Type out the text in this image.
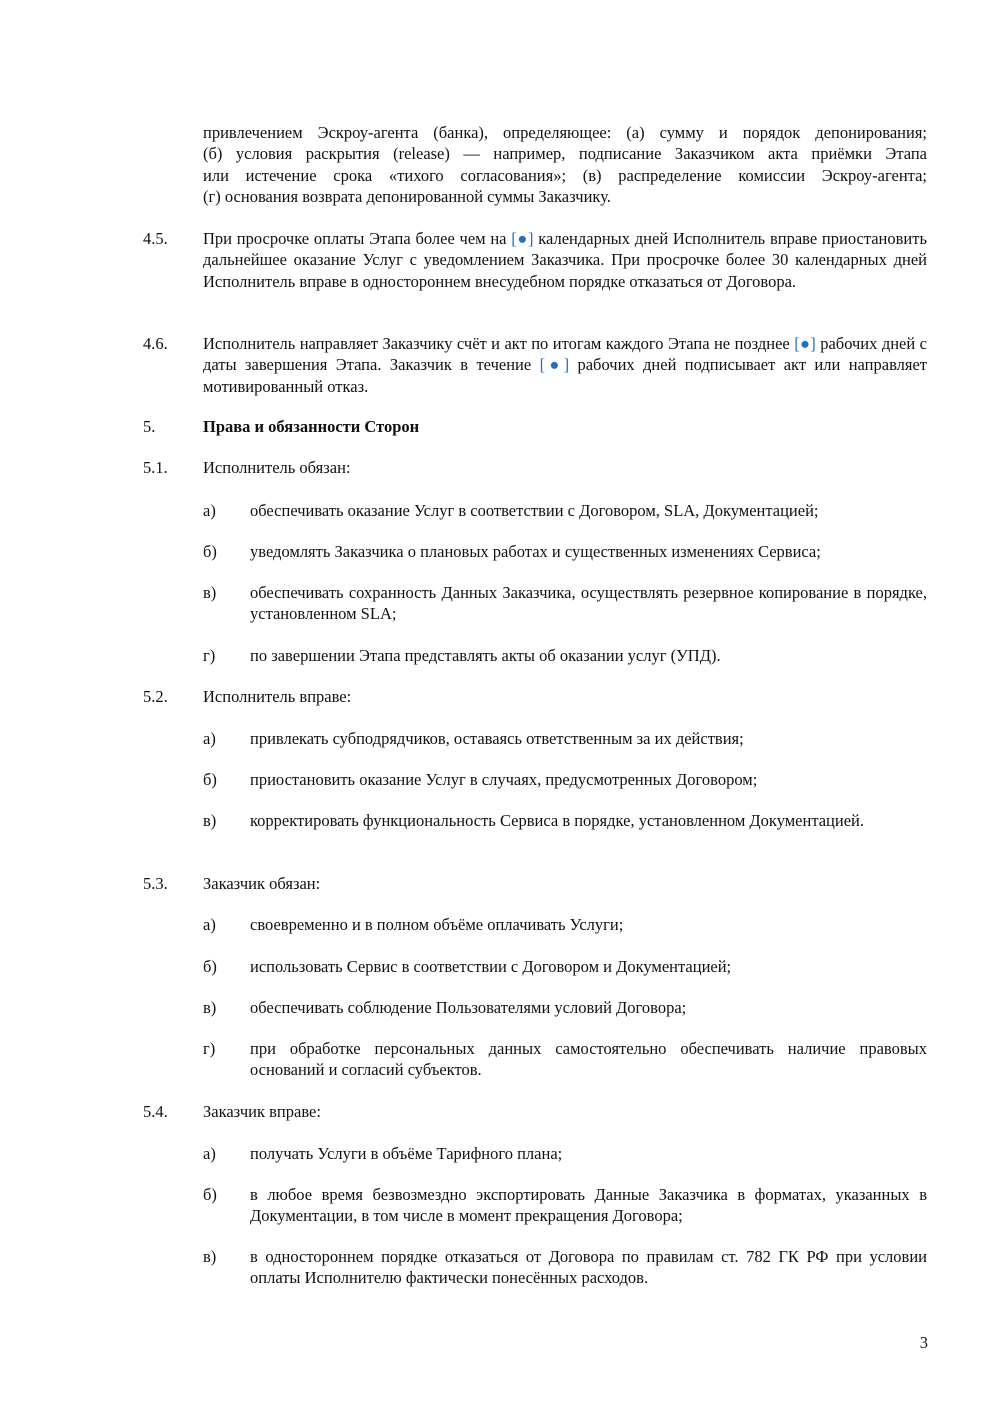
привлечением Эскроу-агента (банка), определяющее: (а) сумму и порядок депонирования;
(б) условия раскрытия (release) — например, подписание Заказчиком акта приёмки Этапа
или истечение срока «тихого согласования»; (в) распределение комиссии Эскроу-агента;
(г) основания возврата депонированной суммы Заказчику.
4.5. При просрочке оплаты Этапа более чем на [●] календарных дней Исполнитель вправе приостановить дальнейшее оказание Услуг с уведомлением Заказчика. При просрочке более 30 календарных дней Исполнитель вправе в одностороннем внесудебном порядке отказаться от Договора.
4.6. Исполнитель направляет Заказчику счёт и акт по итогам каждого Этапа не позднее [●] рабочих дней с даты завершения Этапа. Заказчик в течение [●] рабочих дней подписывает акт или направляет мотивированный отказ.
5.	Права и обязанности Сторон
5.1. Исполнитель обязан:
а) обеспечивать оказание Услуг в соответствии с Договором, SLA, Документацией;
б) уведомлять Заказчика о плановых работах и существенных изменениях Сервиса;
в) обеспечивать сохранность Данных Заказчика, осуществлять резервное копирование в порядке, установленном SLA;
г) по завершении Этапа представлять акты об оказании услуг (УПД).
5.2. Исполнитель вправе:
а) привлекать субподрядчиков, оставаясь ответственным за их действия;
б) приостановить оказание Услуг в случаях, предусмотренных Договором;
в) корректировать функциональность Сервиса в порядке, установленном Документацией.
5.3. Заказчик обязан:
а) своевременно и в полном объёме оплачивать Услуги;
б) использовать Сервис в соответствии с Договором и Документацией;
в) обеспечивать соблюдение Пользователями условий Договора;
г) при обработке персональных данных самостоятельно обеспечивать наличие правовых оснований и согласий субъектов.
5.4. Заказчик вправе:
а) получать Услуги в объёме Тарифного плана;
б) в любое время безвозмездно экспортировать Данные Заказчика в форматах, указанных в Документации, в том числе в момент прекращения Договора;
в) в одностороннем порядке отказаться от Договора по правилам ст. 782 ГК РФ при условии оплаты Исполнителю фактически понесённых расходов.
3
